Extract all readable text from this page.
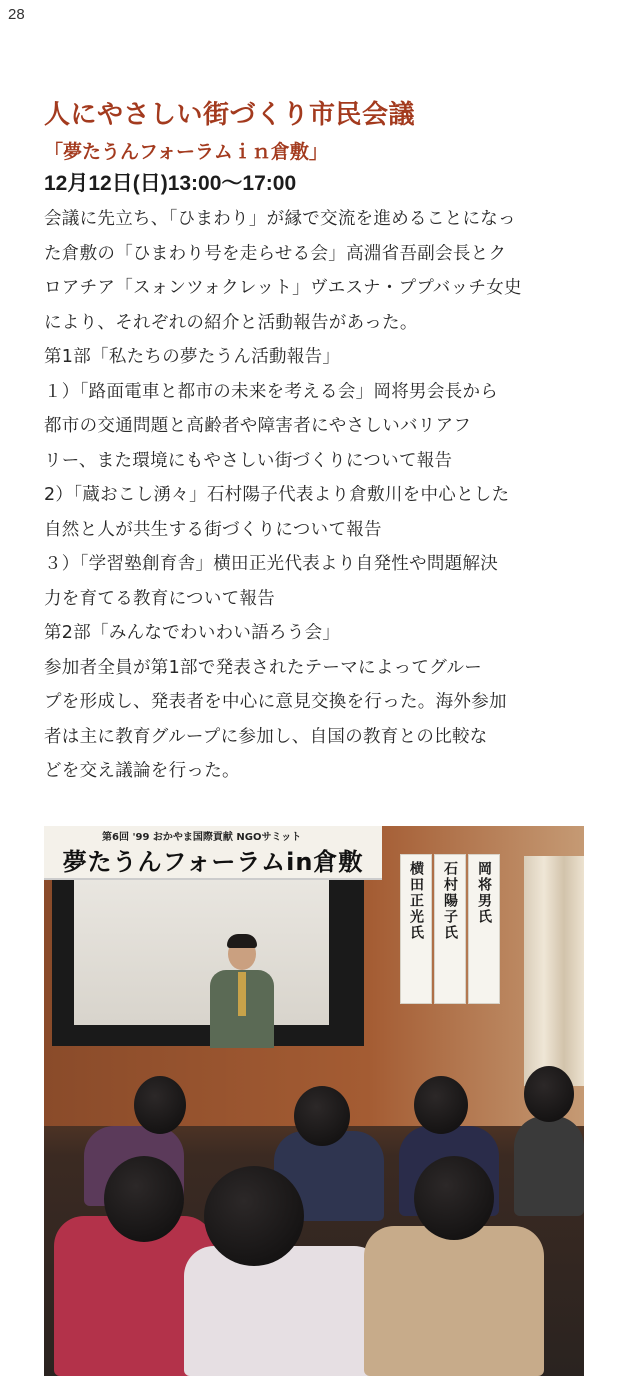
28
人にやさしい街づくり市民会議
「夢たうんフォーラムｉｎ倉敷」
12月12日(日)13:00～17:00
会議に先立ち、「ひまわり」が縁で交流を進めることになっ
た倉敷の「ひまわり号を走らせる会」高淵省吾副会長とク
ロアチア「スォンツォクレット」ヴエスナ・ププバッチ女史
により、それぞれの紹介と活動報告があった。
第1部「私たちの夢たうん活動報告」
１）「路面電車と都市の未来を考える会」岡将男会長から
都市の交通問題と高齢者や障害者にやさしいバリアフ
リー、また環境にもやさしい街づくりについて報告
2）「蔵おこし湧々」石村陽子代表より倉敷川を中心とした
自然と人が共生する街づくりについて報告
３）「学習塾創育舎」横田正光代表より自発性や問題解決
力を育てる教育について報告
第2部「みんなでわいわい語ろう会」
参加者全員が第1部で発表されたテーマによってグルー
プを形成し、発表者を中心に意見交換を行った。海外参加
者は主に教育グループに参加し、自国の教育との比較な
どを交え議論を行った。
第6回 '99 おかやま国際貢献 NGOサミット
夢たうんフォーラムin倉敷	横田正光氏	石村陽子氏	岡将男氏
